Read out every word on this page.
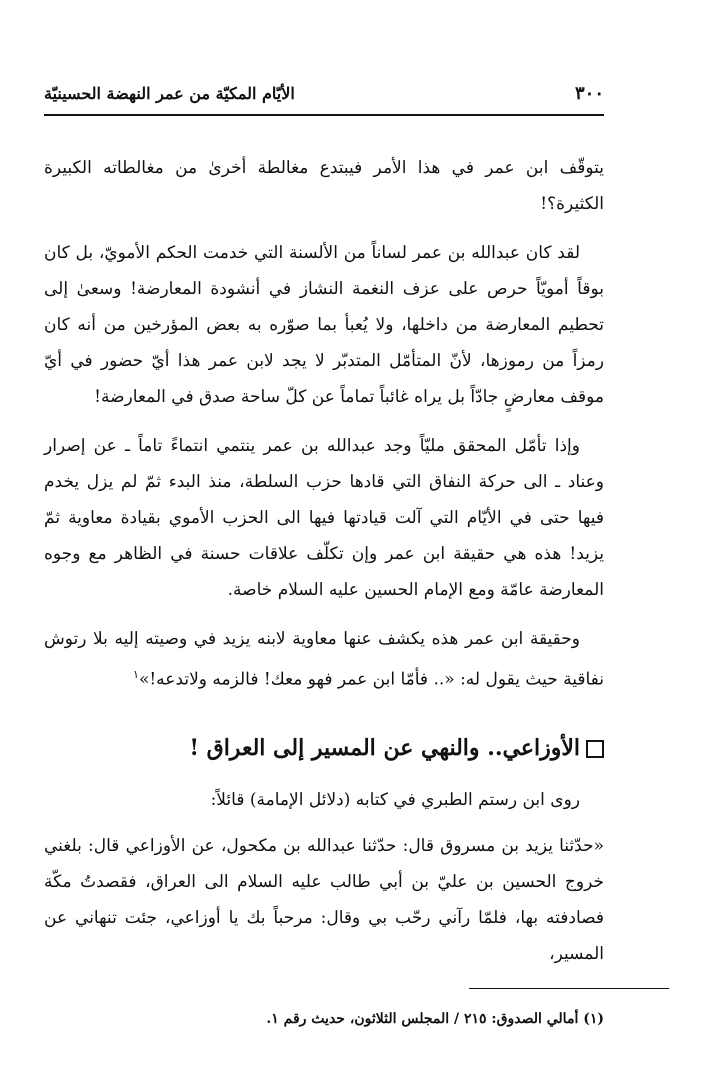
٣٠٠
الأيّام المكيّة من عمر النهضة الحسينيّة

يتوقّف ابن عمر في هذا الأمر فيبتدع مغالطة أخرىٰ من مغالطاته الكبيرة الكثيرة؟!

لقد كان عبدالله بن عمر لساناً من الألسنة التي خدمت الحكم الأمويّ، بل كان بوقاً أمويّاً حرص على عزف النغمة النشاز في أنشودة المعارضة! وسعىٰ إلى تحطيم المعارضة من داخلها، ولا يُعبأ بما صوّره به بعض المؤرخين من أنه كان رمزاً من رموزها، لأنّ المتأمّل المتدبّر لا يجد لابن عمر هذا أيّ حضور في أيّ موقف معارضٍ جادّاً بل يراه غائباً تماماً عن كلّ ساحة صدق في المعارضة!

وإذا تأمّل المحقق مليّاً وجد عبدالله بن عمر ينتمي انتماءً تاماً ـ عن إصرار وعناد ـ الى حركة النفاق التي قادها حزب السلطة، منذ البدء ثمّ لم يزل يخدم فيها حتى في الأيّام التي آلت قيادتها فيها الى الحزب الأموي بقيادة معاوية ثمّ يزيد! هذه هي حقيقة ابن عمر وإن تكلّف علاقات حسنة في الظاهر مع وجوه المعارضة عامّة ومع الإمام الحسين عليه السلام خاصة.

وحقيقة ابن عمر هذه يكشف عنها معاوية لابنه يزيد في وصيته إليه بلا رتوش نفاقية حيث يقول له: «.. فأمّا ابن عمر فهو معك! فالزمه ولاتدعه!»$^١$

الأوزاعي.. والنهي عن المسير إلى العراق !

روى ابن رستم الطبري في كتابه (دلائل الإمامة) قائلاً:

«حدّثنا يزيد بن مسروق قال: حدّثنا عبدالله بن مكحول، عن الأوزاعي قال: بلغني خروج الحسين بن عليّ بن أبي طالب عليه السلام الى العراق، فقصدتُ مكّة فصادفته بها، فلمّا رآني رحّب بي وقال: مرحباً بك يا أوزاعي، جئت تنهاني عن المسير،

(١) أمالي الصدوق: ٢١٥ / المجلس الثلاثون، حديث رقم ١.
